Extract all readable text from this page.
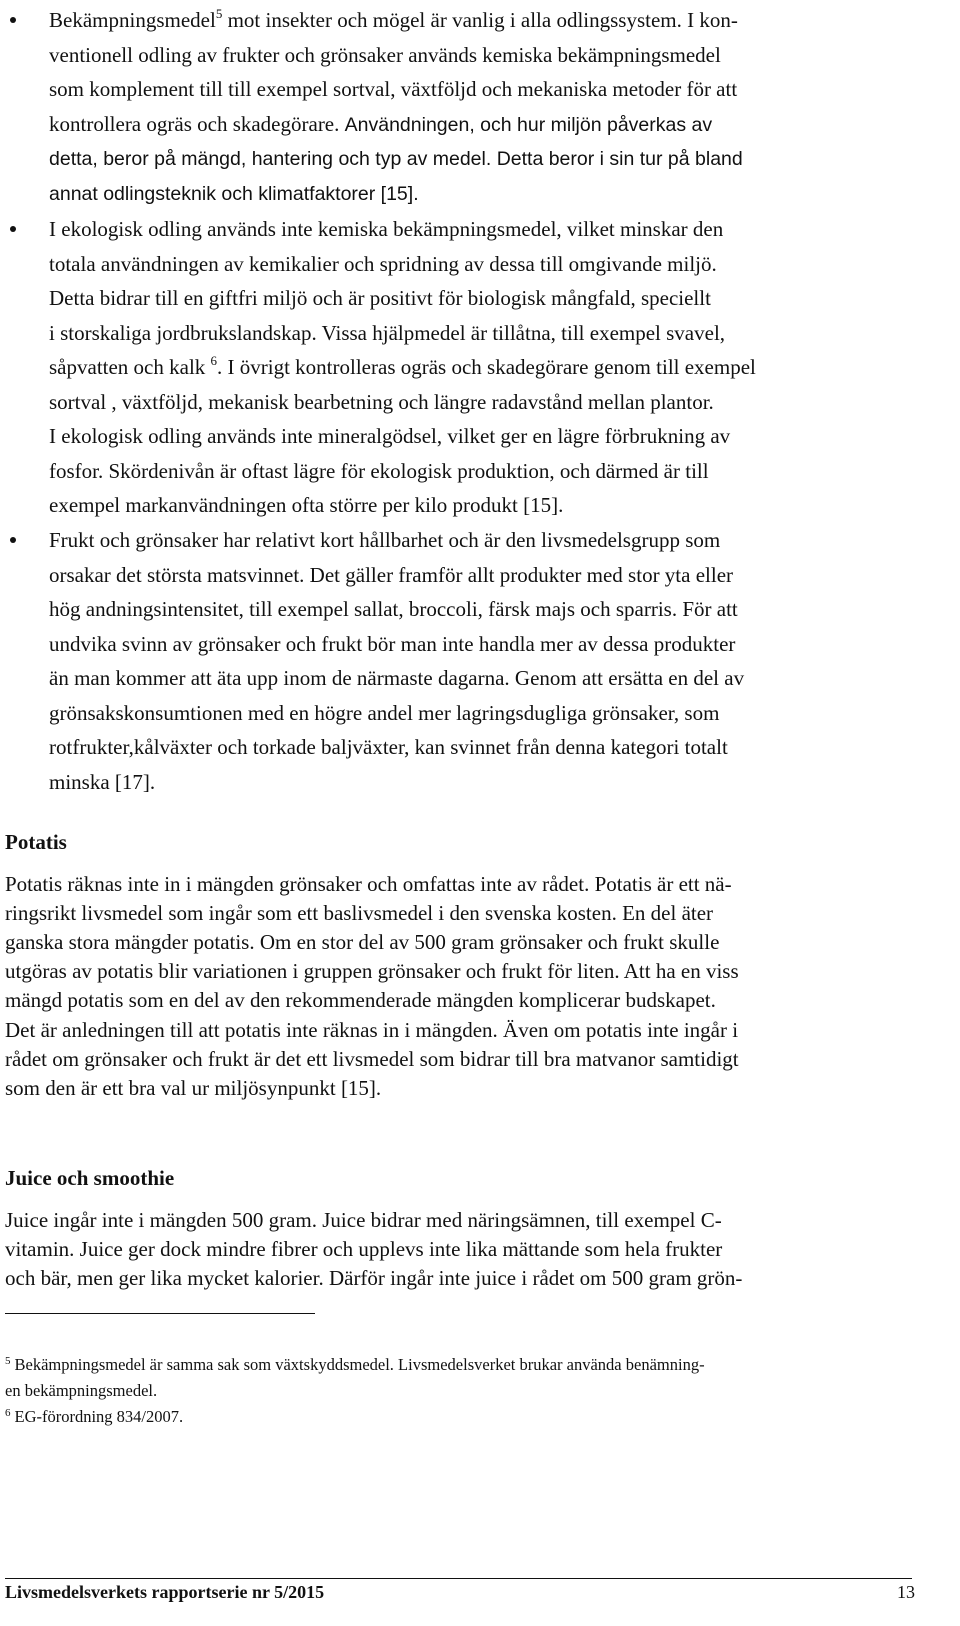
Bekämpningsmedel$^5$ mot insekter och mögel är vanlig i alla odlingssystem. I kon-
ventionell odling av frukter och grönsaker används kemiska bekämpningsmedel
som komplement till till exempel sortval, växtföljd och mekaniska metoder för att
kontrollera ogräs och skadegörare. Användningen, och hur miljön påverkas av
detta, beror på mängd, hantering och typ av medel. Detta beror i sin tur på bland
annat odlingsteknik och klimatfaktorer [15].
I ekologisk odling används inte kemiska bekämpningsmedel, vilket minskar den
totala användningen av kemikalier och spridning av dessa till omgivande miljö.
Detta bidrar till en giftfri miljö och är positivt för biologisk mångfald, speciellt
i storskaliga jordbrukslandskap. Vissa hjälpmedel är tillåtna, till exempel svavel,
såpvatten och kalk $^6$. I övrigt kontrolleras ogräs och skadegörare genom till exempel
sortval , växtföljd, mekanisk bearbetning och längre radavstånd mellan plantor.
I ekologisk odling används inte mineralgödsel, vilket ger en lägre förbrukning av
fosfor. Skördenivån är oftast lägre för ekologisk produktion, och därmed är till
exempel markanvändningen ofta större per kilo produkt [15].
Frukt och grönsaker har relativt kort hållbarhet och är den livsmedelsgrupp som
orsakar det största matsvinnet. Det gäller framför allt produkter med stor yta eller
hög andningsintensitet, till exempel sallat, broccoli, färsk majs och sparris. För att
undvika svinn av grönsaker och frukt bör man inte handla mer av dessa produkter
än man kommer att äta upp inom de närmaste dagarna. Genom att ersätta en del av
grönsakskonsumtionen med en högre andel mer lagringsdugliga grönsaker, som
rotfrukter,kålväxter och torkade baljväxter, kan svinnet från denna kategori totalt
minska [17].
Potatis
Potatis räknas inte in i mängden grönsaker och omfattas inte av rådet. Potatis är ett nä-
ringsrikt livsmedel som ingår som ett baslivsmedel i den svenska kosten. En del äter
ganska stora mängder potatis. Om en stor del av 500 gram grönsaker och frukt skulle
utgöras av potatis blir variationen i gruppen grönsaker och frukt för liten. Att ha en viss
mängd potatis som en del av den rekommenderade mängden komplicerar budskapet.
Det är anledningen till att potatis inte räknas in i mängden. Även om potatis inte ingår i
rådet om grönsaker och frukt är det ett livsmedel som bidrar till bra matvanor samtidigt
som den är ett bra val ur miljösynpunkt [15].
Juice och smoothie
Juice ingår inte i mängden 500 gram. Juice bidrar med näringsämnen, till exempel C-
vitamin. Juice ger dock mindre fibrer och upplevs inte lika mättande som hela frukter
och bär, men ger lika mycket kalorier. Därför ingår inte juice i rådet om 500 gram grön-
$^5$ Bekämpningsmedel är samma sak som växtskyddsmedel. Livsmedelsverket brukar använda benämning-
en bekämpningsmedel.
$^6$ EG-förordning 834/2007.
Livsmedelsverkets rapportserie nr 5/2015	13
